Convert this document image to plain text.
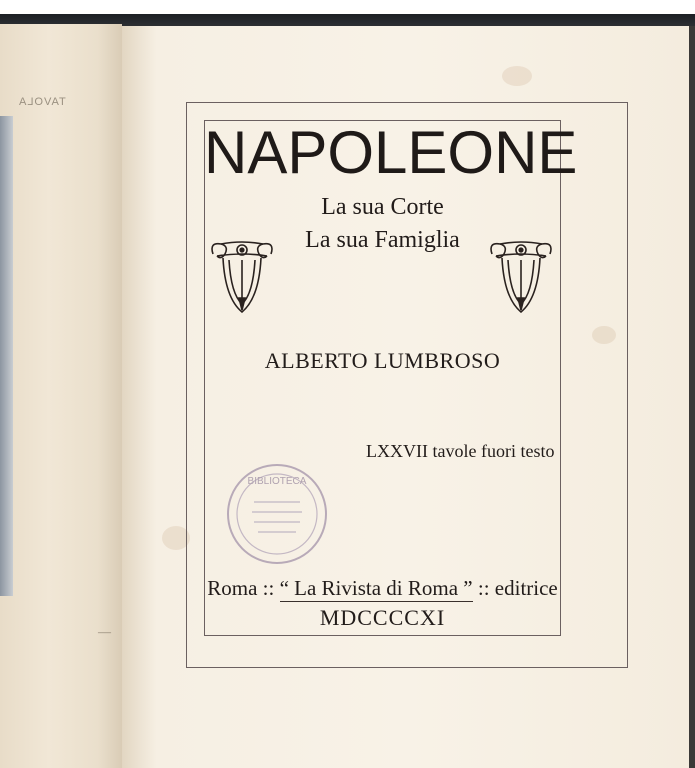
TAVOLA
—
NAPOLEONE
La sua Corte
La sua Famiglia
ALBERTO LUMBROSO
LXXVII tavole fuori testo
BIBLIOTECA
Roma :: “ La Rivista di Roma ” :: editrice
MDCCCCXI
